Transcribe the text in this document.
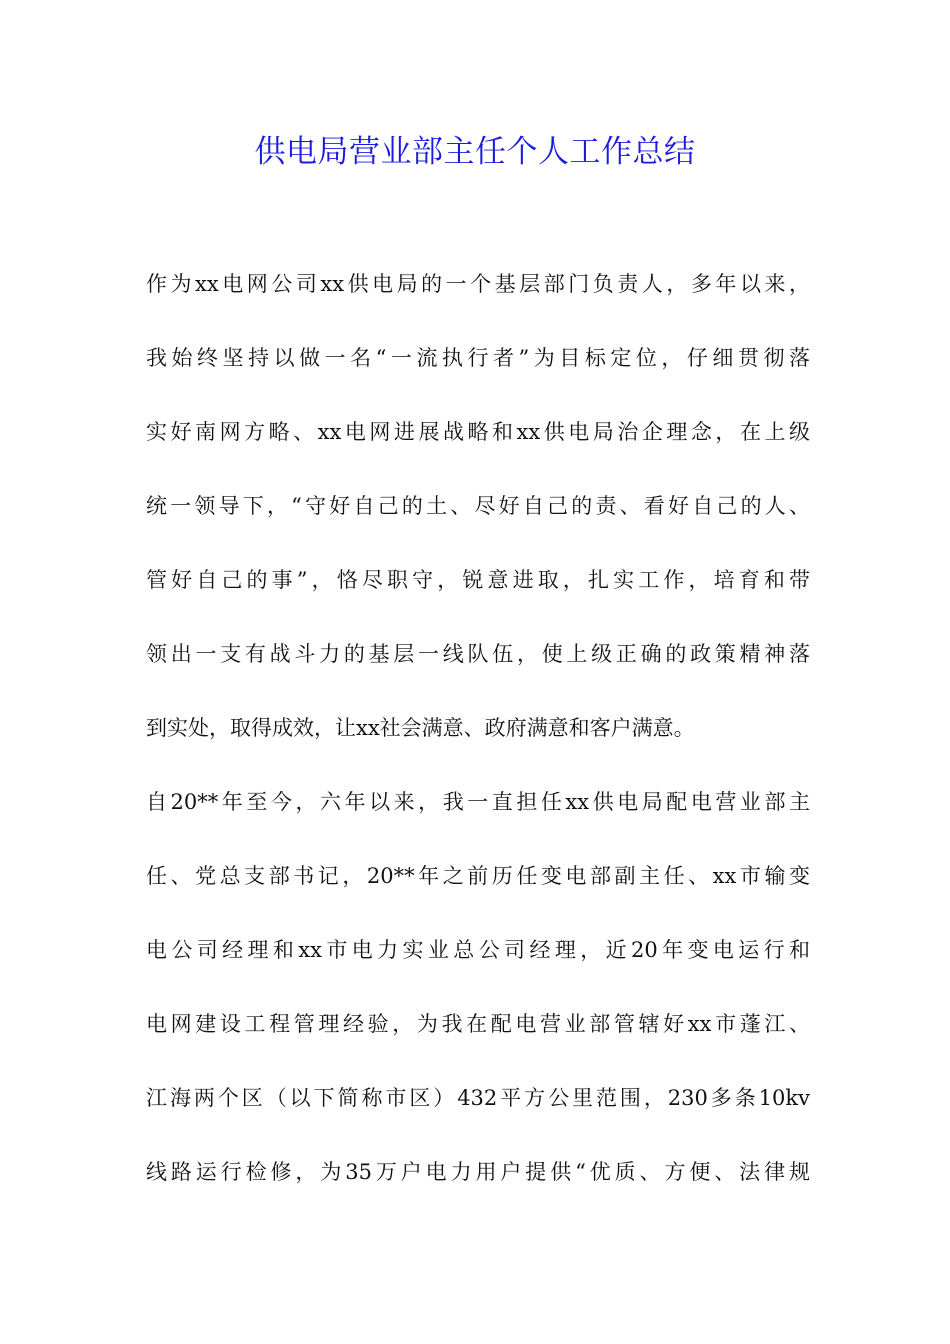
供电局营业部主任个人工作总结
作为xx电网公司xx供电局的一个基层部门负责人，多年以来，
我始终坚持以做一名“一流执行者”为目标定位，仔细贯彻落
实好南网方略、xx电网进展战略和xx供电局治企理念，在上级
统一领导下，“守好自己的土、尽好自己的责、看好自己的人、
管好自己的事”，恪尽职守，锐意进取，扎实工作，培育和带
领出一支有战斗力的基层一线队伍，使上级正确的政策精神落
到实处，取得成效，让xx社会满意、政府满意和客户满意。
自20**年至今，六年以来，我一直担任xx供电局配电营业部主
任、党总支部书记，20**年之前历任变电部副主任、xx市输变
电公司经理和xx市电力实业总公司经理，近20年变电运行和
电网建设工程管理经验，为我在配电营业部管辖好xx市蓬江、
江海两个区（以下简称市区）432平方公里范围，230多条10kv
线路运行检修，为35万户电力用户提供“优质、方便、法律规
